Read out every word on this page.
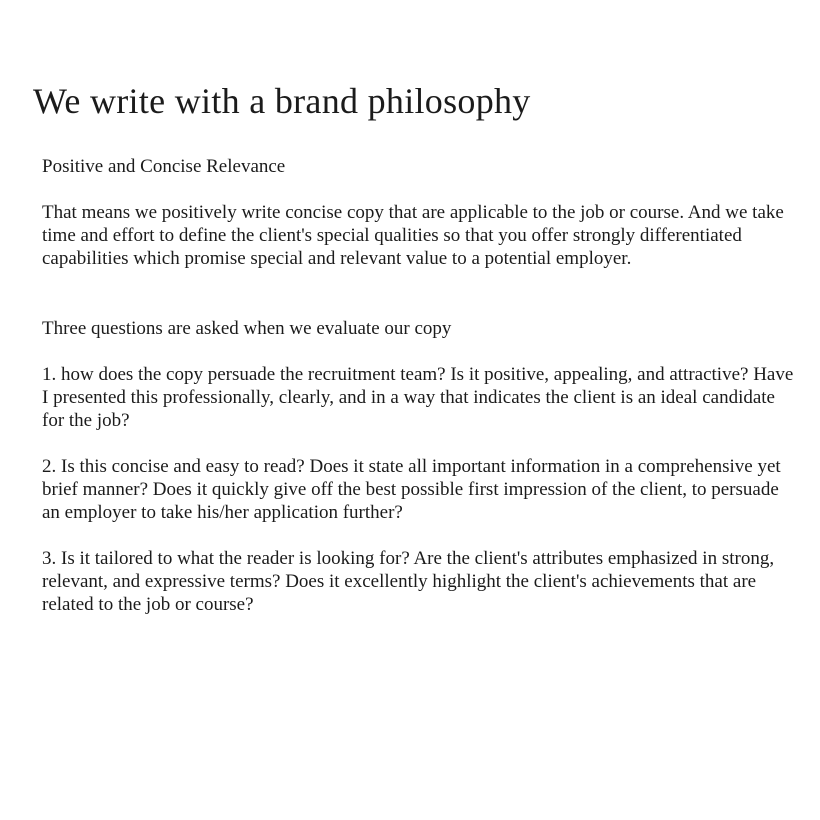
We write with a brand philosophy

Positive and Concise Relevance

That means we positively write concise copy that are applicable to the job or course. And we take time and effort to define the client's special qualities so that you offer strongly differentiated capabilities which promise special and relevant value to a potential employer.

Three questions are asked when we evaluate our copy

1. how does the copy persuade the recruitment team? Is it positive, appealing, and attractive? Have I presented this professionally, clearly, and in a way that indicates the client is an ideal candidate for the job?

2. Is this concise and easy to read? Does it state all important information in a comprehensive yet brief manner? Does it quickly give off the best possible first impression of the client, to persuade an employer to take his/her application further?

3. Is it tailored to what the reader is looking for? Are the client's attributes emphasized in strong, relevant, and expressive terms? Does it excellently highlight the client's achievements that are related to the job or course?
